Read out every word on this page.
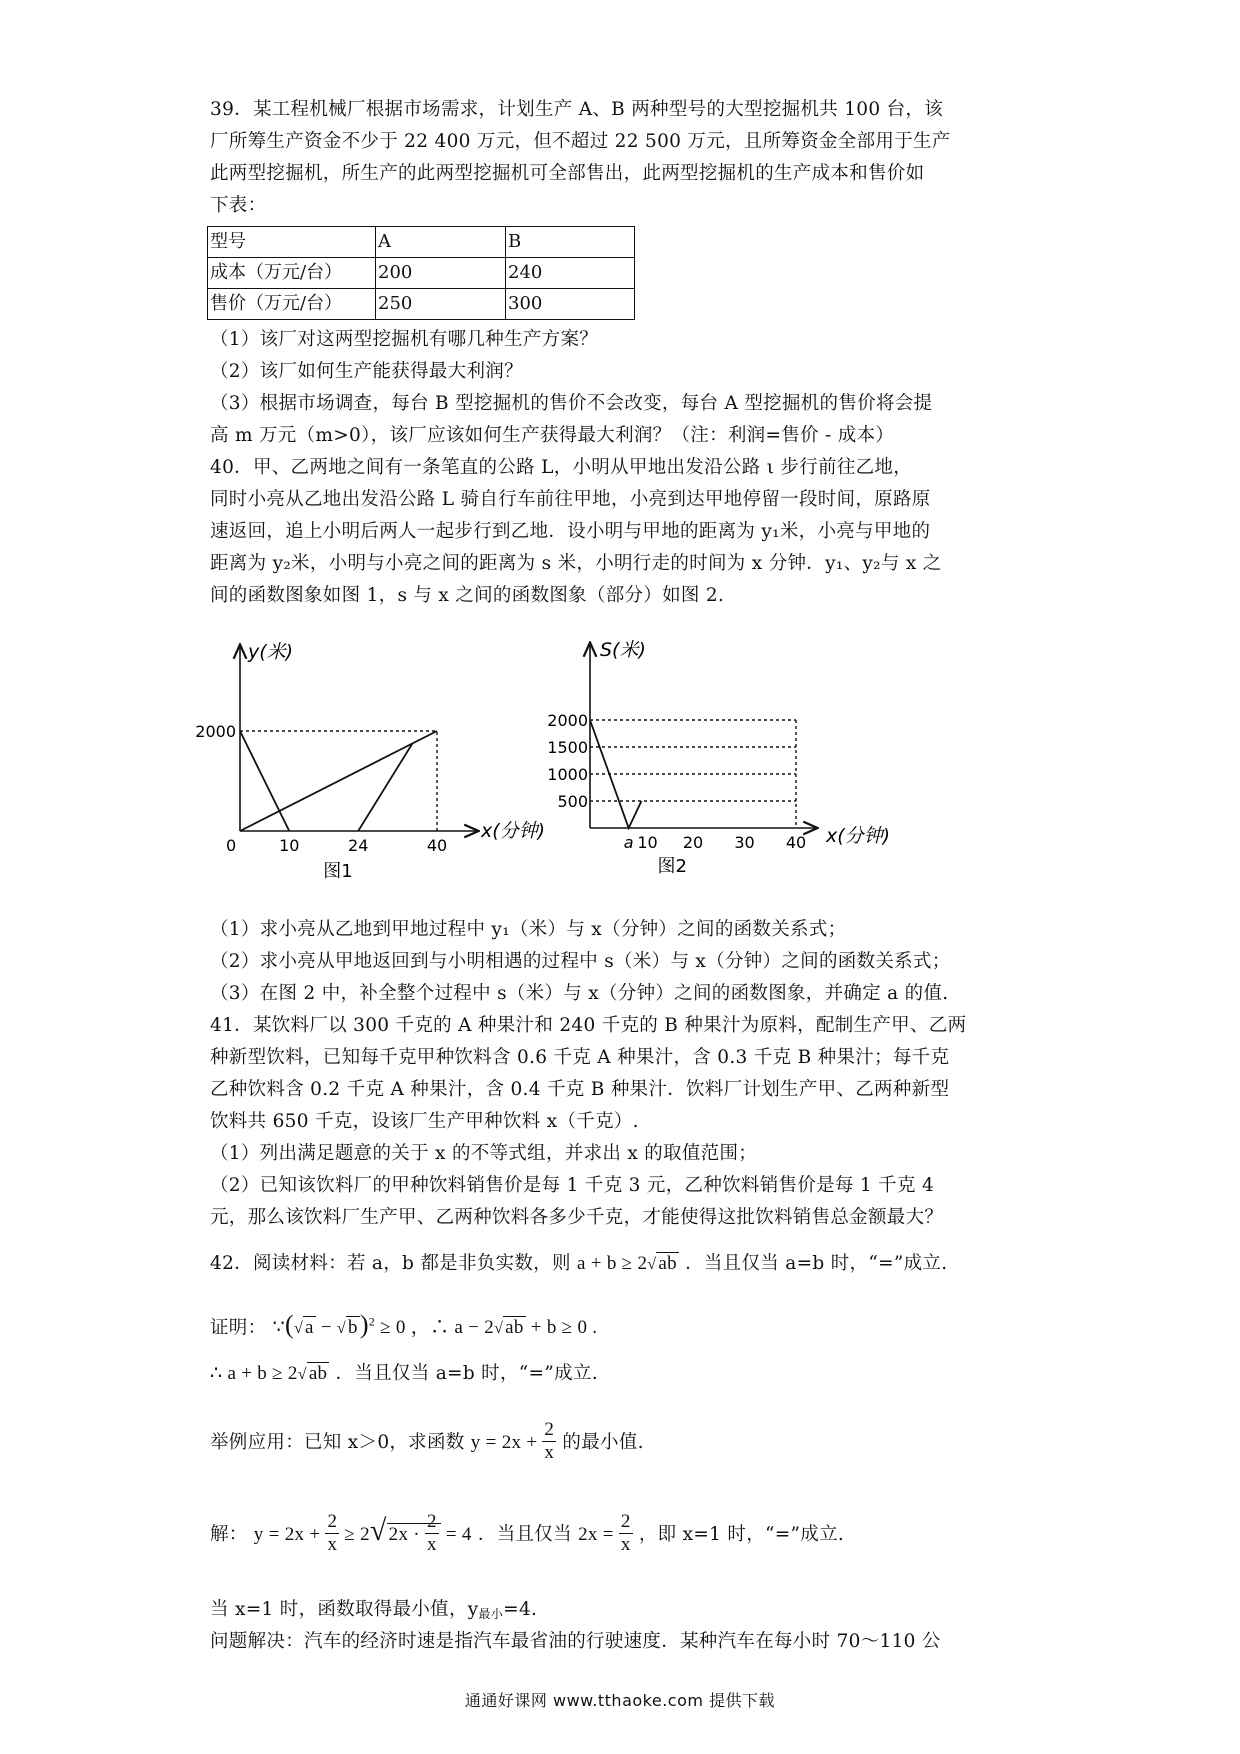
39．某工程机械厂根据市场需求，计划生产 A、B 两种型号的大型挖掘机共 100 台，该
厂所筹生产资金不少于 22 400 万元，但不超过 22 500 万元，且所筹资金全部用于生产
此两型挖掘机，所生产的此两型挖掘机可全部售出，此两型挖掘机的生产成本和售价如
下表：
型号	A	B
成本（万元/台）	200	240
售价（万元/台）	250	300
（1）该厂对这两型挖掘机有哪几种生产方案？
（2）该厂如何生产能获得最大利润？
（3）根据市场调查，每台 B 型挖掘机的售价不会改变，每台 A 型挖掘机的售价将会提
高 m 万元（m>0），该厂应该如何生产获得最大利润？（注：利润=售价 - 成本）
40．甲、乙两地之间有一条笔直的公路 L，小明从甲地出发沿公路 ι 步行前往乙地，
同时小亮从乙地出发沿公路 L 骑自行车前往甲地，小亮到达甲地停留一段时间，原路原
速返回，追上小明后两人一起步行到乙地．设小明与甲地的距离为 y₁米，小亮与甲地的
距离为 y₂米，小明与小亮之间的距离为 s 米，小明行走的时间为 x 分钟．y₁、y₂与 x 之
间的函数图象如图 1，s 与 x 之间的函数图象（部分）如图 2.
y(米)
x(分钟)
0	10	24	40
2000
图1
S(米)
x(分钟)
2000
1500
1000
500
a 10 20 30 40
图2
（1）求小亮从乙地到甲地过程中 y₁（米）与 x（分钟）之间的函数关系式；
（2）求小亮从甲地返回到与小明相遇的过程中 s（米）与 x（分钟）之间的函数关系式；
（3）在图 2 中，补全整个过程中 s（米）与 x（分钟）之间的函数图象，并确定 a 的值.
41．某饮料厂以 300 千克的 A 种果汁和 240 千克的 B 种果汁为原料，配制生产甲、乙两
种新型饮料，已知每千克甲种饮料含 0.6 千克 A 种果汁，含 0.3 千克 B 种果汁；每千克
乙种饮料含 0.2 千克 A 种果汁，含 0.4 千克 B 种果汁．饮料厂计划生产甲、乙两种新型
饮料共 650 千克，设该厂生产甲种饮料 x（千克）.
（1）列出满足题意的关于 x 的不等式组，并求出 x 的取值范围；
（2）已知该饮料厂的甲种饮料销售价是每 1 千克 3 元，乙种饮料销售价是每 1 千克 4
元，那么该饮料厂生产甲、乙两种饮料各多少千克，才能使得这批饮料销售总金额最大？
42．阅读材料：若 a，b 都是非负实数，则 a + b ≥ 2√ ab ．当且仅当 a=b 时，“=”成立.
证明： ∵(√ a − √ b)$^2$ ≥ 0 ，∴ a − 2√ ab + b ≥ 0 .
∴ a + b ≥ 2√ ab ．当且仅当 a=b 时，“=”成立.
举例应用：已知 x＞0，求函数 $y = 2x + \frac{2}{x}$ 的最小值.
解： $y = 2x + \frac{2}{x} \ge 2√$ $2x \cdot \frac{2}{x} = 4$ ．当且仅当 $2x = \frac{2}{x}$ ，即 x=1 时，“=”成立.
当 x=1 时，函数取得最小值，$y_{最小}=4$.
问题解决：汽车的经济时速是指汽车最省油的行驶速度．某种汽车在每小时 70～110 公
通通好课网 www.tthaoke.com 提供下载
